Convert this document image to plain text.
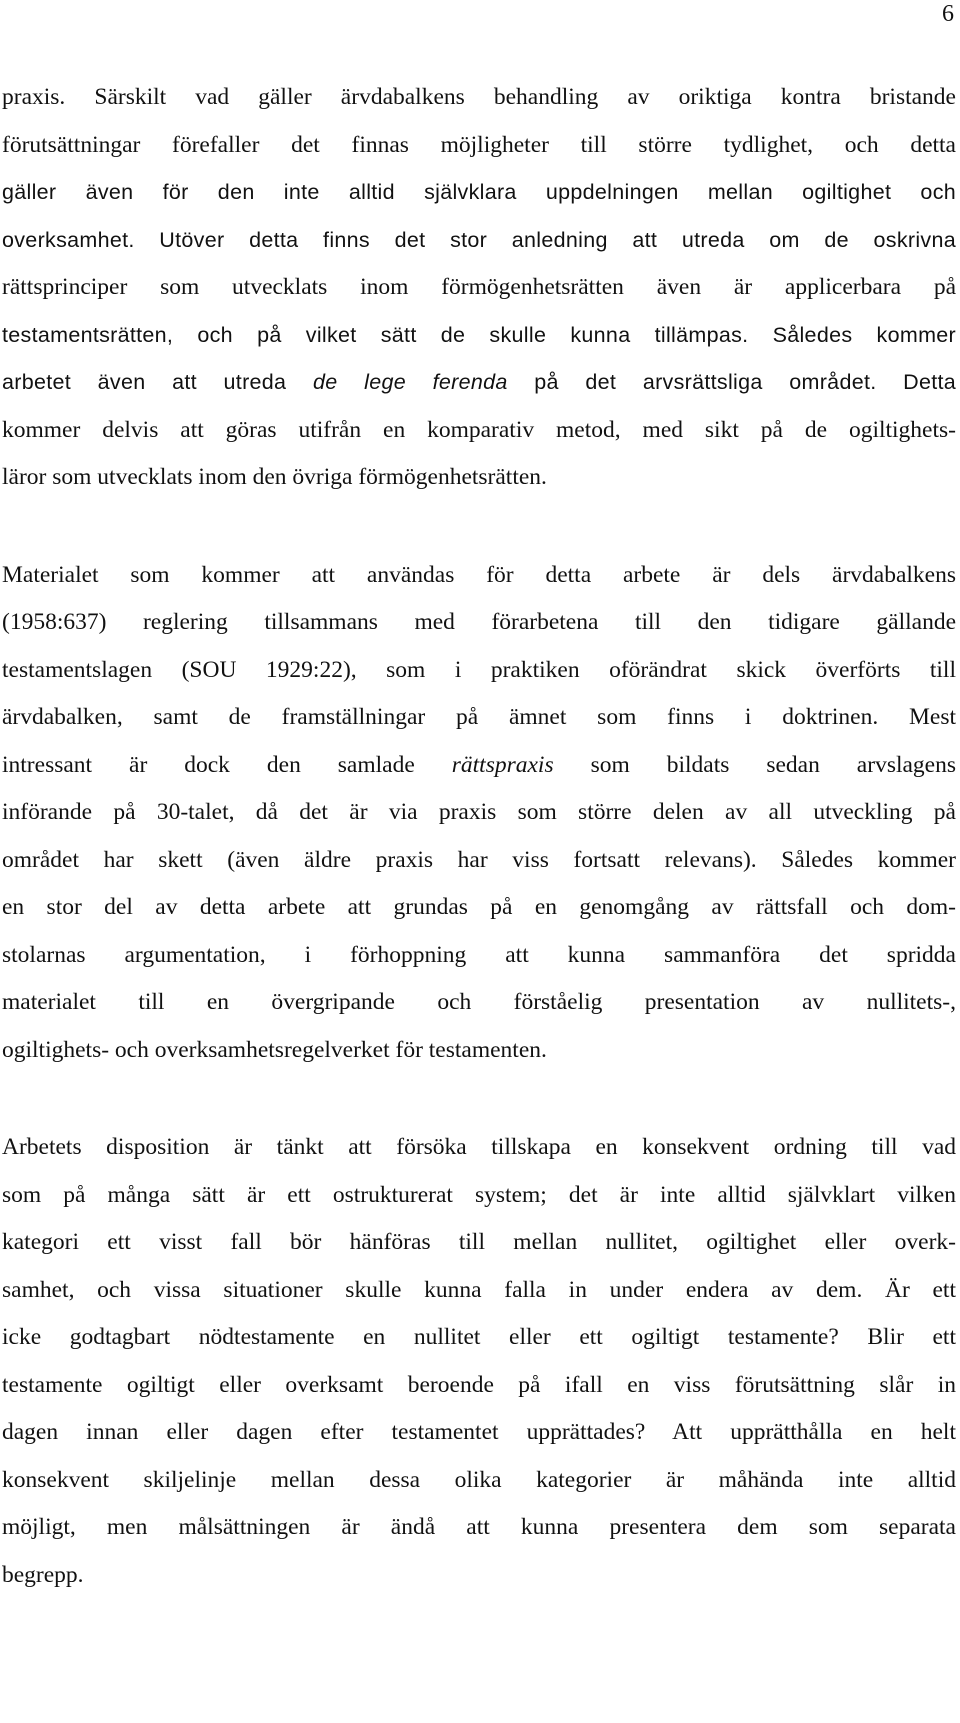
6
praxis. Särskilt vad gäller ärvdabalkens behandling av oriktiga kontra bristande
förutsättningar förefaller det finnas möjligheter till större tydlighet, och detta
gäller även för den inte alltid självklara uppdelningen mellan ogiltighet och
overksamhet. Utöver detta finns det stor anledning att utreda om de oskrivna
rättsprinciper som utvecklats inom förmögenhetsrätten även är applicerbara på
testamentsrätten, och på vilket sätt de skulle kunna tillämpas. Således kommer
arbetet även att utreda de lege ferenda på det arvsrättsliga området. Detta
kommer delvis att göras utifrån en komparativ metod, med sikt på de ogiltighets-
läror som utvecklats inom den övriga förmögenhetsrätten.
Materialet som kommer att användas för detta arbete är dels ärvdabalkens
(1958:637) reglering tillsammans med förarbetena till den tidigare gällande
testamentslagen (SOU 1929:22), som i praktiken oförändrat skick överförts till
ärvdabalken, samt de framställningar på ämnet som finns i doktrinen. Mest
intressant är dock den samlade rättspraxis som bildats sedan arvslagens
införande på 30-talet, då det är via praxis som större delen av all utveckling på
området har skett (även äldre praxis har viss fortsatt relevans). Således kommer
en stor del av detta arbete att grundas på en genomgång av rättsfall och dom-
stolarnas argumentation, i förhoppning att kunna sammanföra det spridda
materialet till en övergripande och förståelig presentation av nullitets-,
ogiltighets- och overksamhetsregelverket för testamenten.
Arbetets disposition är tänkt att försöka tillskapa en konsekvent ordning till vad
som på många sätt är ett ostrukturerat system; det är inte alltid självklart vilken
kategori ett visst fall bör hänföras till mellan nullitet, ogiltighet eller overk-
samhet, och vissa situationer skulle kunna falla in under endera av dem. Är ett
icke godtagbart nödtestamente en nullitet eller ett ogiltigt testamente? Blir ett
testamente ogiltigt eller overksamt beroende på ifall en viss förutsättning slår in
dagen innan eller dagen efter testamentet upprättades? Att upprätthålla en helt
konsekvent skiljelinje mellan dessa olika kategorier är måhända inte alltid
möjligt, men målsättningen är ändå att kunna presentera dem som separata
begrepp.
